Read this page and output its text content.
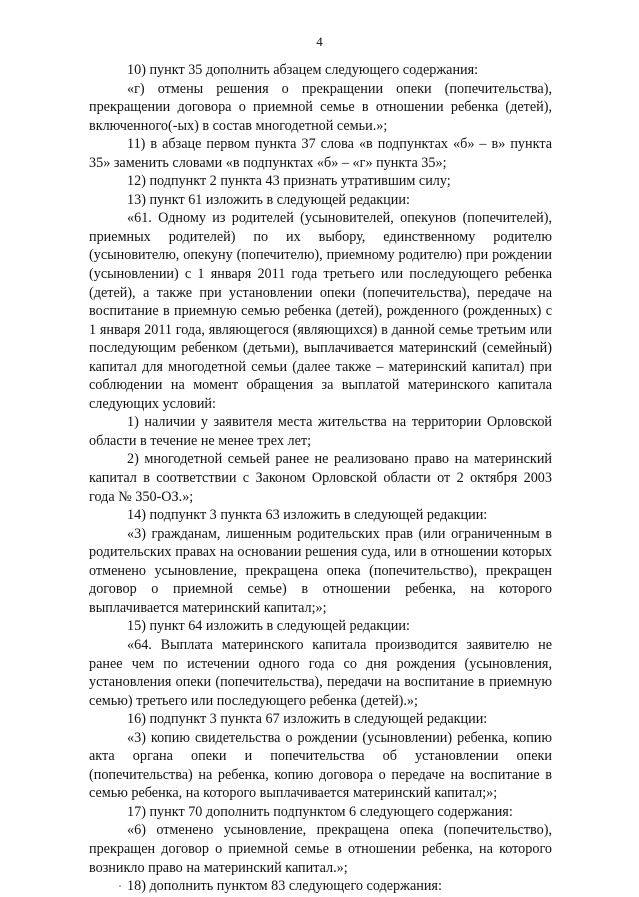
4

10) пункт 35 дополнить абзацем следующего содержания:

«г) отмены решения о прекращении опеки (попечительства), прекращении договора о приемной семье в отношении ребенка (детей), включенного(-ых) в состав многодетной семьи.»;

11) в абзаце первом пункта 37 слова «в подпунктах «б» – в» пункта 35» заменить словами «в подпунктах «б» – «г» пункта 35»;

12) подпункт 2 пункта 43 признать утратившим силу;

13) пункт 61 изложить в следующей редакции:

«61. Одному из родителей (усыновителей, опекунов (попечителей), приемных родителей) по их выбору, единственному родителю (усыновителю, опекуну (попечителю), приемному родителю) при рождении (усыновлении) с 1 января 2011 года третьего или последующего ребенка (детей), а также при установлении опеки (попечительства), передаче на воспитание в приемную семью ребенка (детей), рожденного (рожденных) с 1 января 2011 года, являющегося (являющихся) в данной семье третьим или последующим ребенком (детьми), выплачивается материнский (семейный) капитал для многодетной семьи (далее также – материнский капитал) при соблюдении на момент обращения за выплатой материнского капитала следующих условий:

1) наличии у заявителя места жительства на территории Орловской области в течение не менее трех лет;

2) многодетной семьей ранее не реализовано право на материнский капитал в соответствии с Законом Орловской области от 2 октября 2003 года № 350-ОЗ.»;

14) подпункт 3 пункта 63 изложить в следующей редакции:

«3) гражданам, лишенным родительских прав (или ограниченным в родительских правах на основании решения суда, или в отношении которых отменено усыновление, прекращена опека (попечительство), прекращен договор о приемной семье) в отношении ребенка, на которого выплачивается материнский капитал;»;

15) пункт 64 изложить в следующей редакции:

«64. Выплата материнского капитала производится заявителю не ранее чем по истечении одного года со дня рождения (усыновления, установления опеки (попечительства), передачи на воспитание в приемную семью) третьего или последующего ребенка (детей).»;

16) подпункт 3 пункта 67 изложить в следующей редакции:

«3) копию свидетельства о рождении (усыновлении) ребенка, копию акта органа опеки и попечительства об установлении опеки (попечительства) на ребенка, копию договора о передаче на воспитание в семью ребенка, на которого выплачивается материнский капитал;»;

17) пункт 70 дополнить подпунктом 6 следующего содержания:

«6) отменено усыновление, прекращена опека (попечительство), прекращен договор о приемной семье в отношении ребенка, на которого возникло право на материнский капитал.»;

18) дополнить пунктом 83 следующего содержания:
